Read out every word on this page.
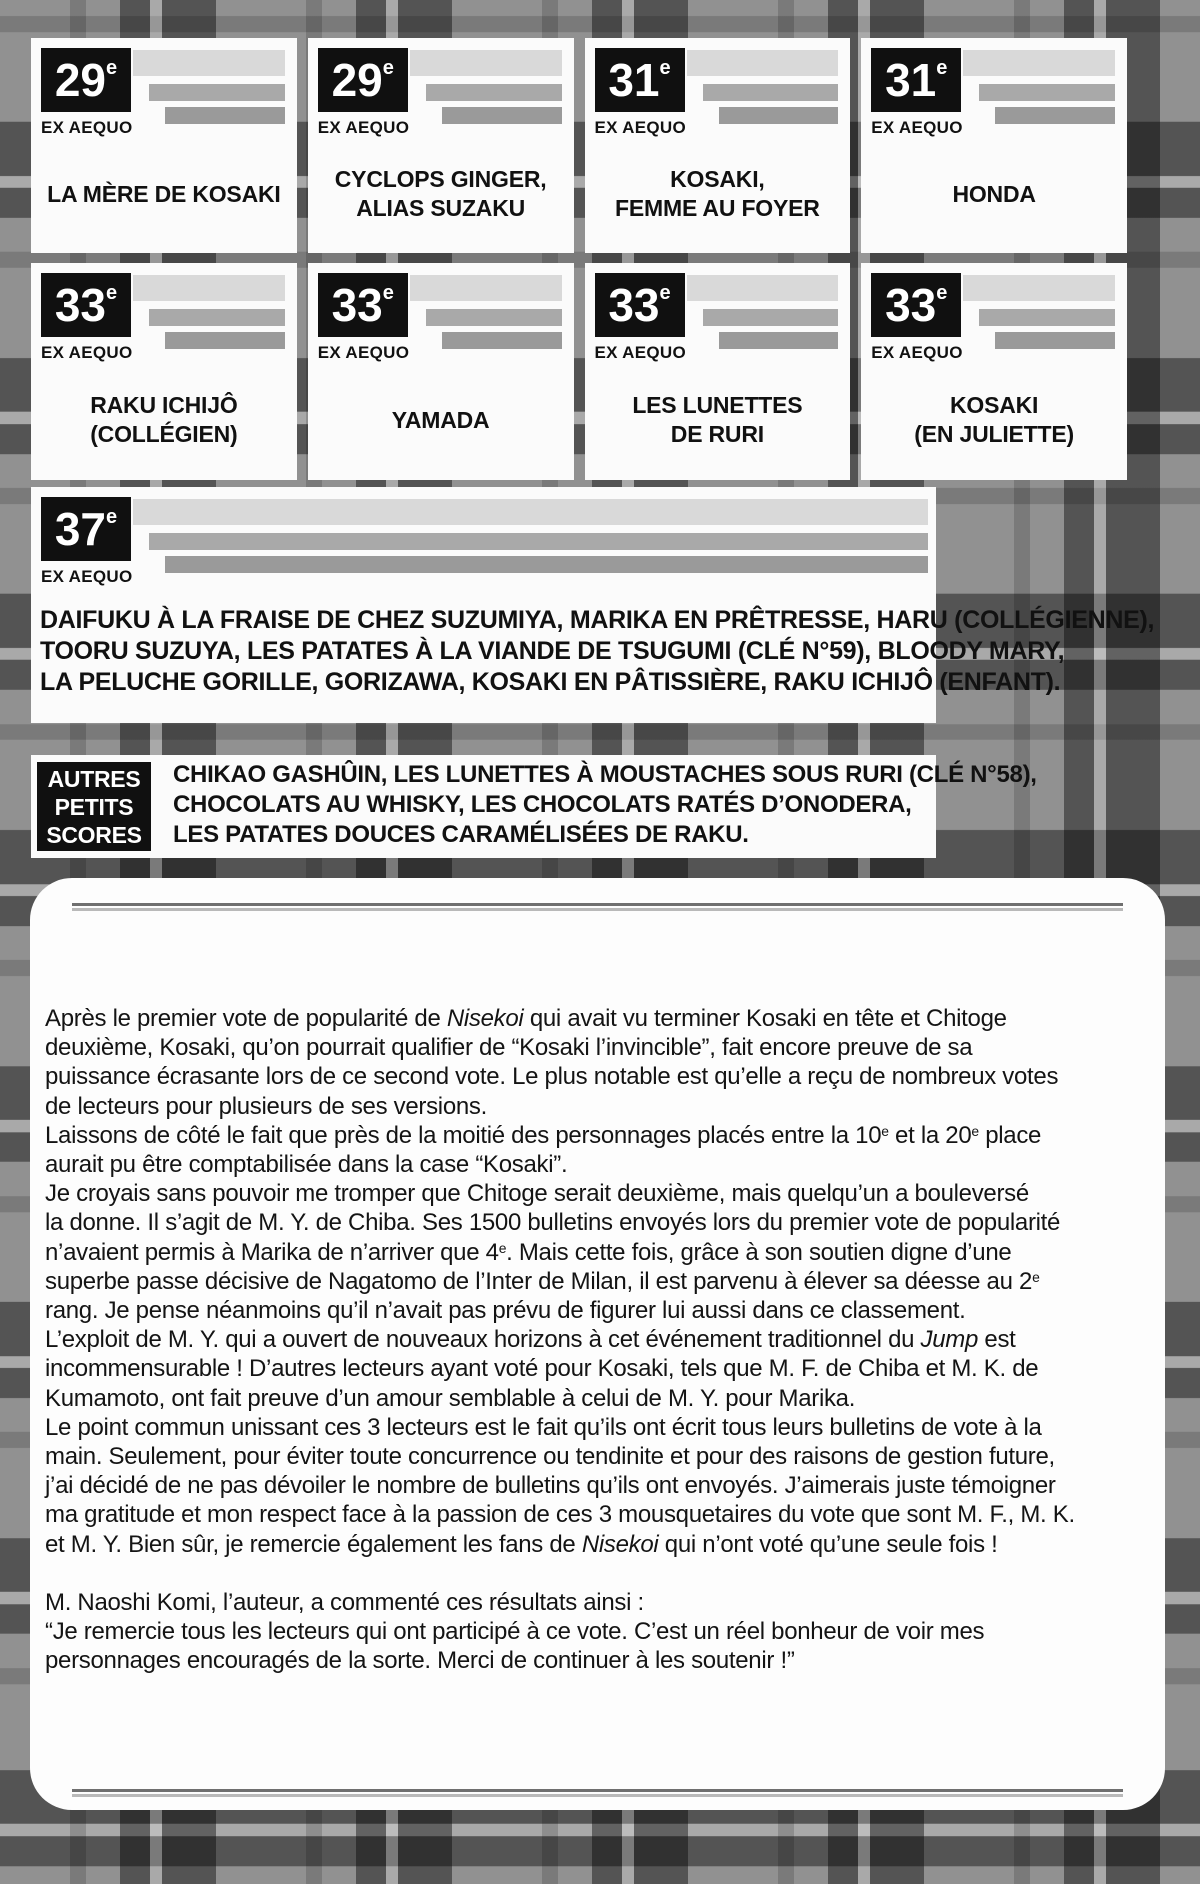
29 e
EX AEQUO
LA MÈRE DE KOSAKI
29 e
EX AEQUO
CYCLOPS GINGER,
ALIAS SUZAKU
31 e
EX AEQUO
KOSAKI,
FEMME AU FOYER
31 e
EX AEQUO
HONDA
33 e
EX AEQUO
RAKU ICHIJÔ
(COLLÉGIEN)
33 e
EX AEQUO
YAMADA
33 e
EX AEQUO
LES LUNETTES
DE RURI
33 e
EX AEQUO
KOSAKI
(EN JULIETTE)
37 e
EX AEQUO
DAIFUKU À LA FRAISE DE CHEZ SUZUMIYA, MARIKA EN PRÊTRESSE, HARU (COLLÉGIENNE),
TOORU SUZUYA, LES PATATES À LA VIANDE DE TSUGUMI (CLÉ N°59), BLOODY MARY,
LA PELUCHE GORILLE, GORIZAWA, KOSAKI EN PÂTISSIÈRE, RAKU ICHIJÔ (ENFANT).
AUTRES
PETITS
SCORES
CHIKAO GASHÛIN, LES LUNETTES À MOUSTACHES SOUS RURI (CLÉ N°58),
CHOCOLATS AU WHISKY, LES CHOCOLATS RATÉS D’ONODERA,
LES PATATES DOUCES CARAMÉLISÉES DE RAKU.
Après le premier vote de popularité de Nisekoi qui avait vu terminer Kosaki en tête et Chitoge
deuxième, Kosaki, qu’on pourrait qualifier de “Kosaki l’invincible”, fait encore preuve de sa
puissance écrasante lors de ce second vote. Le plus notable est qu’elle a reçu de nombreux votes
de lecteurs pour plusieurs de ses versions.
Laissons de côté le fait que près de la moitié des personnages placés entre la 10e et la 20e place
aurait pu être comptabilisée dans la case “Kosaki”.
Je croyais sans pouvoir me tromper que Chitoge serait deuxième, mais quelqu’un a bouleversé
la donne. Il s’agit de M. Y. de Chiba. Ses 1500 bulletins envoyés lors du premier vote de popularité
n’avaient permis à Marika de n’arriver que 4e. Mais cette fois, grâce à son soutien digne d’une
superbe passe décisive de Nagatomo de l’Inter de Milan, il est parvenu à élever sa déesse au 2e
rang. Je pense néanmoins qu’il n’avait pas prévu de figurer lui aussi dans ce classement.
L’exploit de M. Y. qui a ouvert de nouveaux horizons à cet événement traditionnel du Jump est
incommensurable ! D’autres lecteurs ayant voté pour Kosaki, tels que M. F. de Chiba et M. K. de
Kumamoto, ont fait preuve d’un amour semblable à celui de M. Y. pour Marika.
Le point commun unissant ces 3 lecteurs est le fait qu’ils ont écrit tous leurs bulletins de vote à la
main. Seulement, pour éviter toute concurrence ou tendinite et pour des raisons de gestion future,
j’ai décidé de ne pas dévoiler le nombre de bulletins qu’ils ont envoyés. J’aimerais juste témoigner
ma gratitude et mon respect face à la passion de ces 3 mousquetaires du vote que sont M. F., M. K.
et M. Y. Bien sûr, je remercie également les fans de Nisekoi qui n’ont voté qu’une seule fois !

M. Naoshi Komi, l’auteur, a commenté ces résultats ainsi :
“Je remercie tous les lecteurs qui ont participé à ce vote. C’est un réel bonheur de voir mes
personnages encouragés de la sorte. Merci de continuer à les soutenir !”
